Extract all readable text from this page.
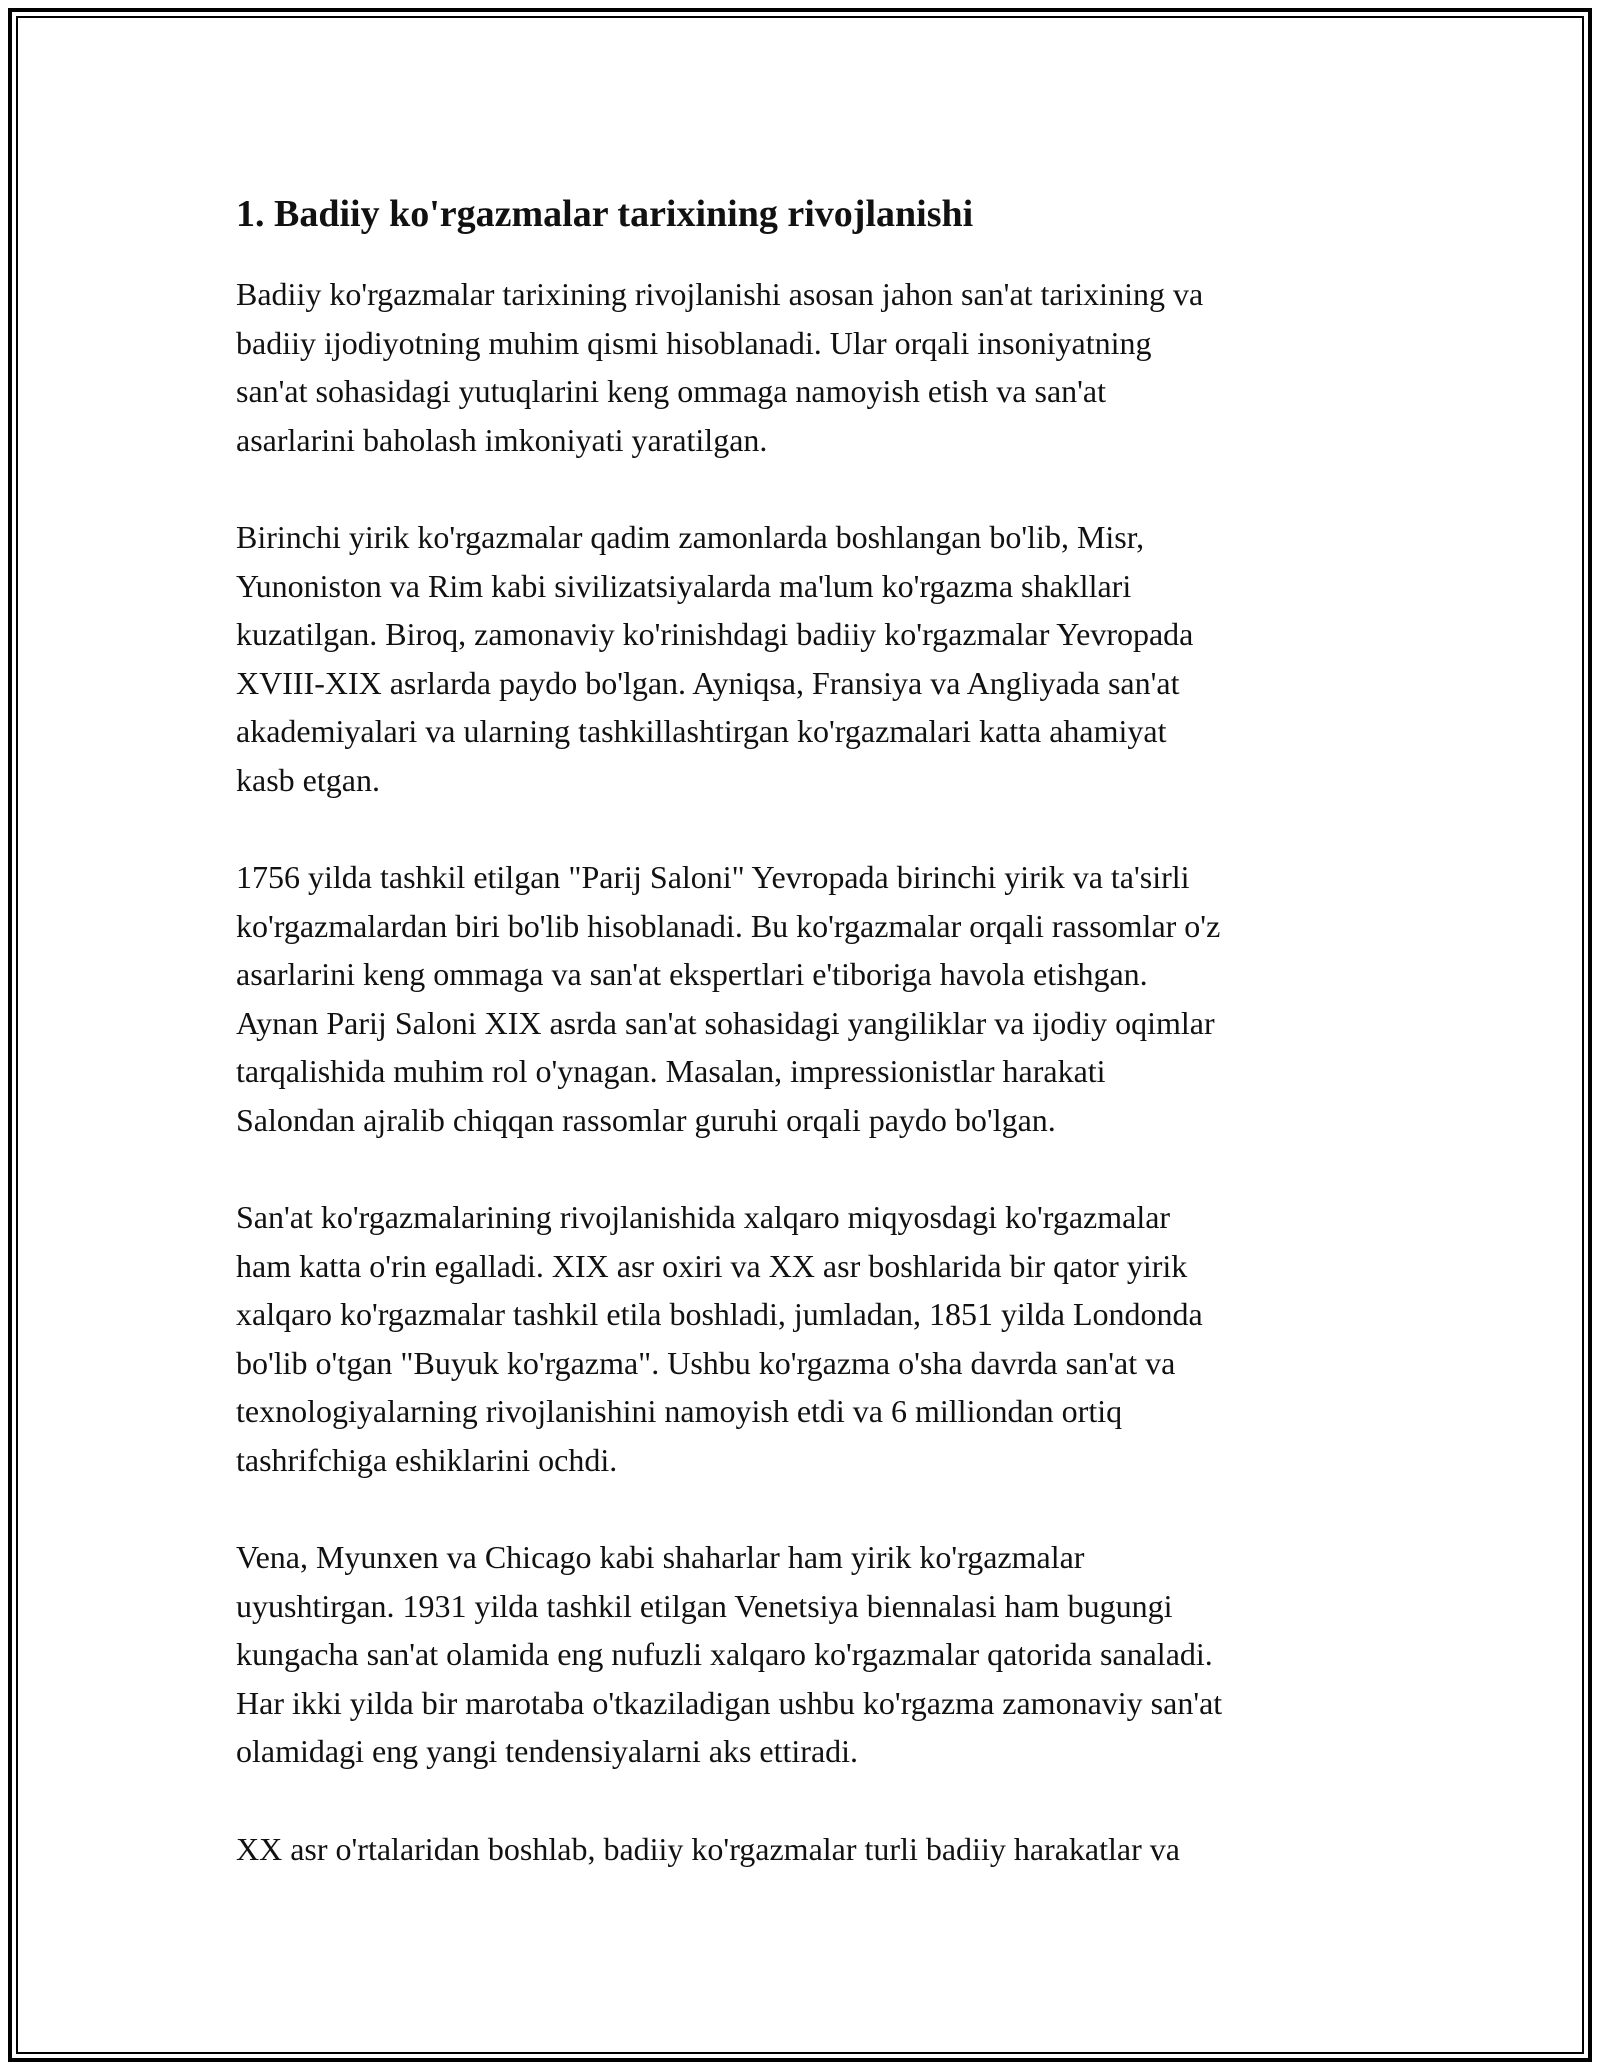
1. Badiiy ko'rgazmalar tarixining rivojlanishi

Badiiy ko'rgazmalar tarixining rivojlanishi asosan jahon san'at tarixining va
badiiy ijodiyotning muhim qismi hisoblanadi. Ular orqali insoniyatning
san'at sohasidagi yutuqlarini keng ommaga namoyish etish va san'at
asarlarini baholash imkoniyati yaratilgan.

Birinchi yirik ko'rgazmalar qadim zamonlarda boshlangan bo'lib, Misr,
Yunoniston va Rim kabi sivilizatsiyalarda ma'lum ko'rgazma shakllari
kuzatilgan. Biroq, zamonaviy ko'rinishdagi badiiy ko'rgazmalar Yevropada
XVIII-XIX asrlarda paydo bo'lgan. Ayniqsa, Fransiya va Angliyada san'at
akademiyalari va ularning tashkillashtirgan ko'rgazmalari katta ahamiyat
kasb etgan.

1756 yilda tashkil etilgan "Parij Saloni" Yevropada birinchi yirik va ta'sirli
ko'rgazmalardan biri bo'lib hisoblanadi. Bu ko'rgazmalar orqali rassomlar o'z
asarlarini keng ommaga va san'at ekspertlari e'tiboriga havola etishgan.
Aynan Parij Saloni XIX asrda san'at sohasidagi yangiliklar va ijodiy oqimlar
tarqalishida muhim rol o'ynagan. Masalan, impressionistlar harakati
Salondan ajralib chiqqan rassomlar guruhi orqali paydo bo'lgan.

San'at ko'rgazmalarining rivojlanishida xalqaro miqyosdagi ko'rgazmalar
ham katta o'rin egalladi. XIX asr oxiri va XX asr boshlarida bir qator yirik
xalqaro ko'rgazmalar tashkil etila boshladi, jumladan, 1851 yilda Londonda
bo'lib o'tgan "Buyuk ko'rgazma". Ushbu ko'rgazma o'sha davrda san'at va
texnologiyalarning rivojlanishini namoyish etdi va 6 milliondan ortiq
tashrifchiga eshiklarini ochdi.

Vena, Myunxen va Chicago kabi shaharlar ham yirik ko'rgazmalar
uyushtirgan. 1931 yilda tashkil etilgan Venetsiya biennalasi ham bugungi
kungacha san'at olamida eng nufuzli xalqaro ko'rgazmalar qatorida sanaladi.
Har ikki yilda bir marotaba o'tkaziladigan ushbu ko'rgazma zamonaviy san'at
olamidagi eng yangi tendensiyalarni aks ettiradi.

XX asr o'rtalaridan boshlab, badiiy ko'rgazmalar turli badiiy harakatlar va
